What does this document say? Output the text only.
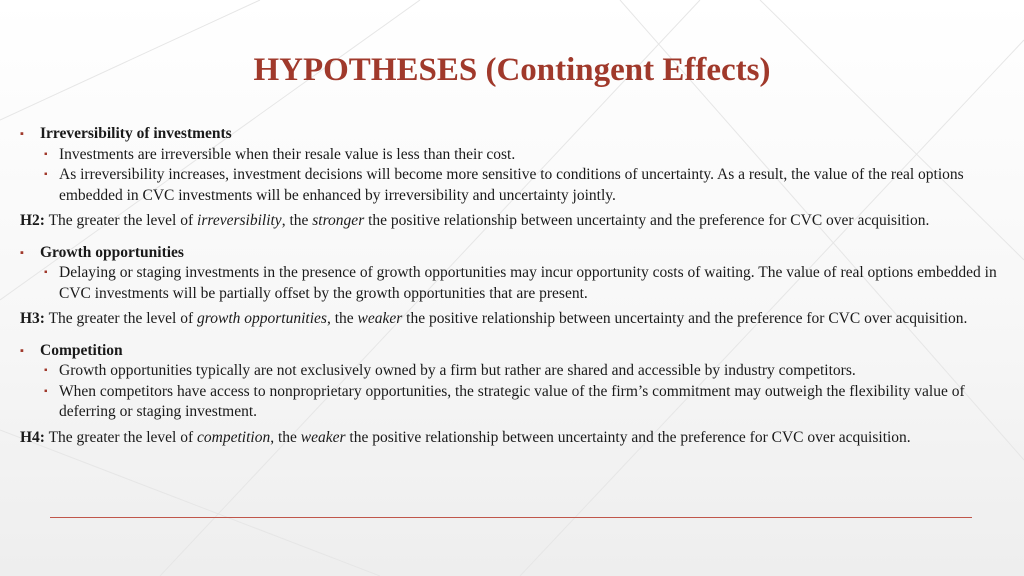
HYPOTHESES (Contingent Effects)
▪ Irreversibility of investments
▪ Investments are irreversible when their resale value is less than their cost.
▪ As irreversibility increases, investment decisions will become more sensitive to conditions of uncertainty. As a result, the value of the real options embedded in CVC investments will be enhanced by irreversibility and uncertainty jointly.

H2: The greater the level of irreversibility, the stronger the positive relationship between uncertainty and the preference for CVC over acquisition.

▪ Growth opportunities
▪ Delaying or staging investments in the presence of growth opportunities may incur opportunity costs of waiting. The value of real options embedded in CVC investments will be partially offset by the growth opportunities that are present.

H3: The greater the level of growth opportunities, the weaker the positive relationship between uncertainty and the preference for CVC over acquisition.

▪ Competition
▪ Growth opportunities typically are not exclusively owned by a firm but rather are shared and accessible by industry competitors.
▪ When competitors have access to nonproprietary opportunities, the strategic value of the firm’s commitment may outweigh the flexibility value of deferring or staging investment.

H4: The greater the level of competition, the weaker the positive relationship between uncertainty and the preference for CVC over acquisition.
